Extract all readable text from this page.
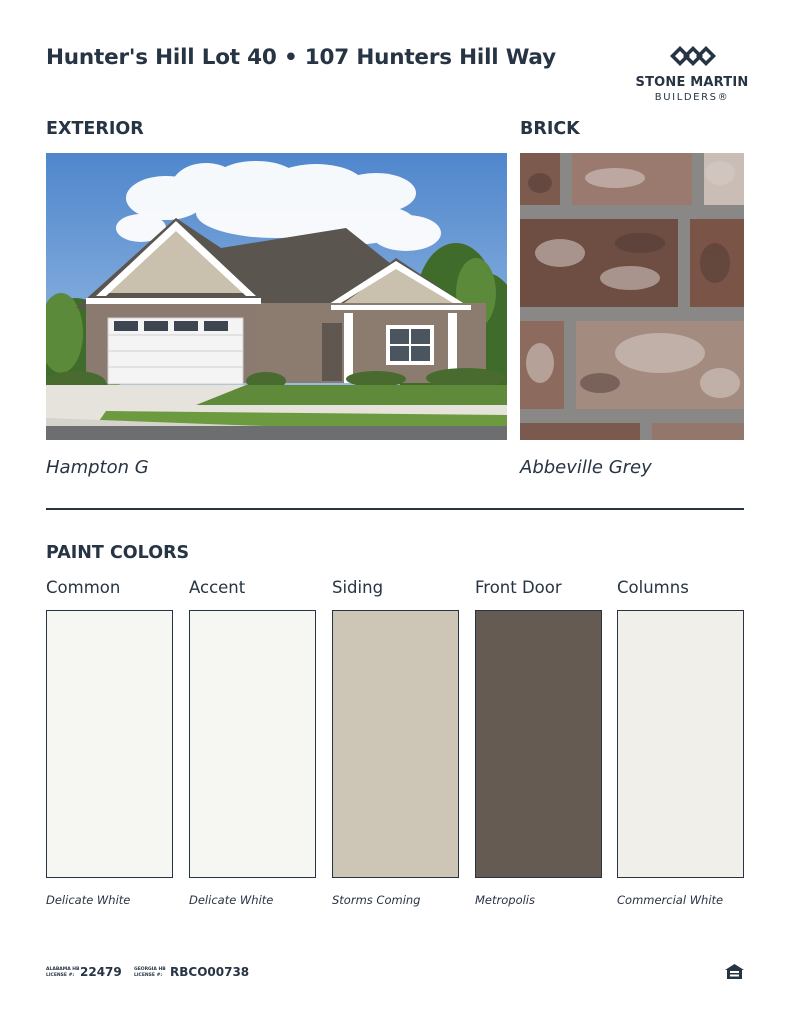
Hunter's Hill Lot 40 • 107 Hunters Hill Way
STONE MARTIN
BUILDERS®
EXTERIOR
Hampton G
BRICK
Abbeville Grey
PAINT COLORS
Common	Accent	Siding	Front Door	Columns
Delicate White	Delicate White	Storms Coming	Metropolis	Commercial White
ALABAMA HB
LICENSE #: 22479	GEORGIA HB
LICENSE #: RBCO00738
